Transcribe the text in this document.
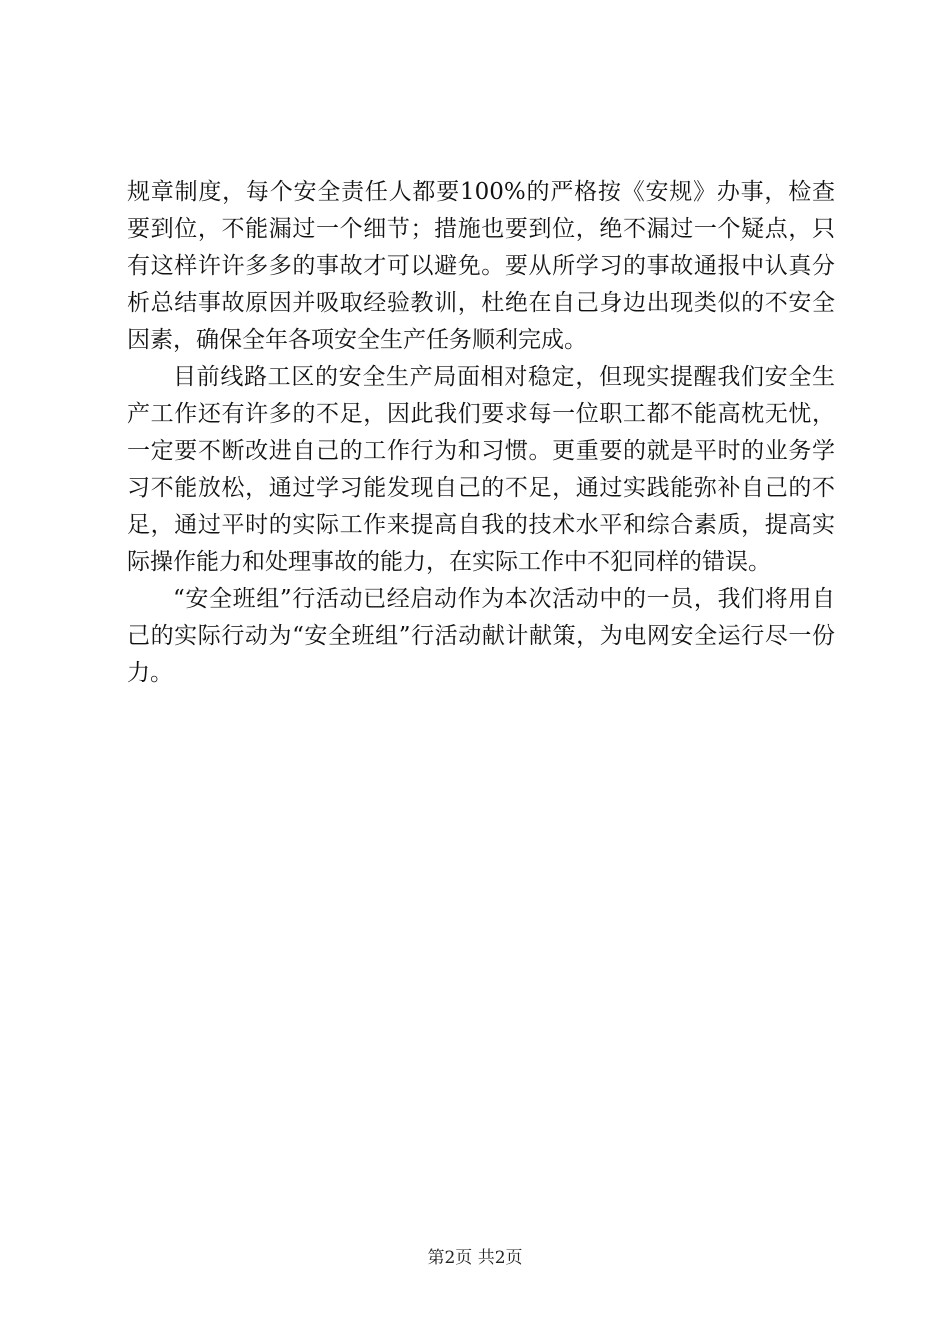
规章制度，每个安全责任人都要100%的严格按《安规》办事，检查要到位，不能漏过一个细节；措施也要到位，绝不漏过一个疑点，只有这样许许多多的事故才可以避免。要从所学习的事故通报中认真分析总结事故原因并吸取经验教训，杜绝在自己身边出现类似的不安全因素，确保全年各项安全生产任务顺利完成。

目前线路工区的安全生产局面相对稳定，但现实提醒我们安全生产工作还有许多的不足，因此我们要求每一位职工都不能高枕无忧，一定要不断改进自己的工作行为和习惯。更重要的就是平时的业务学习不能放松，通过学习能发现自己的不足，通过实践能弥补自己的不足，通过平时的实际工作来提高自我的技术水平和综合素质，提高实际操作能力和处理事故的能力，在实际工作中不犯同样的错误。

“安全班组”行活动已经启动作为本次活动中的一员，我们将用自己的实际行动为“安全班组”行活动献计献策，为电网安全运行尽一份力。

第2页 共2页
